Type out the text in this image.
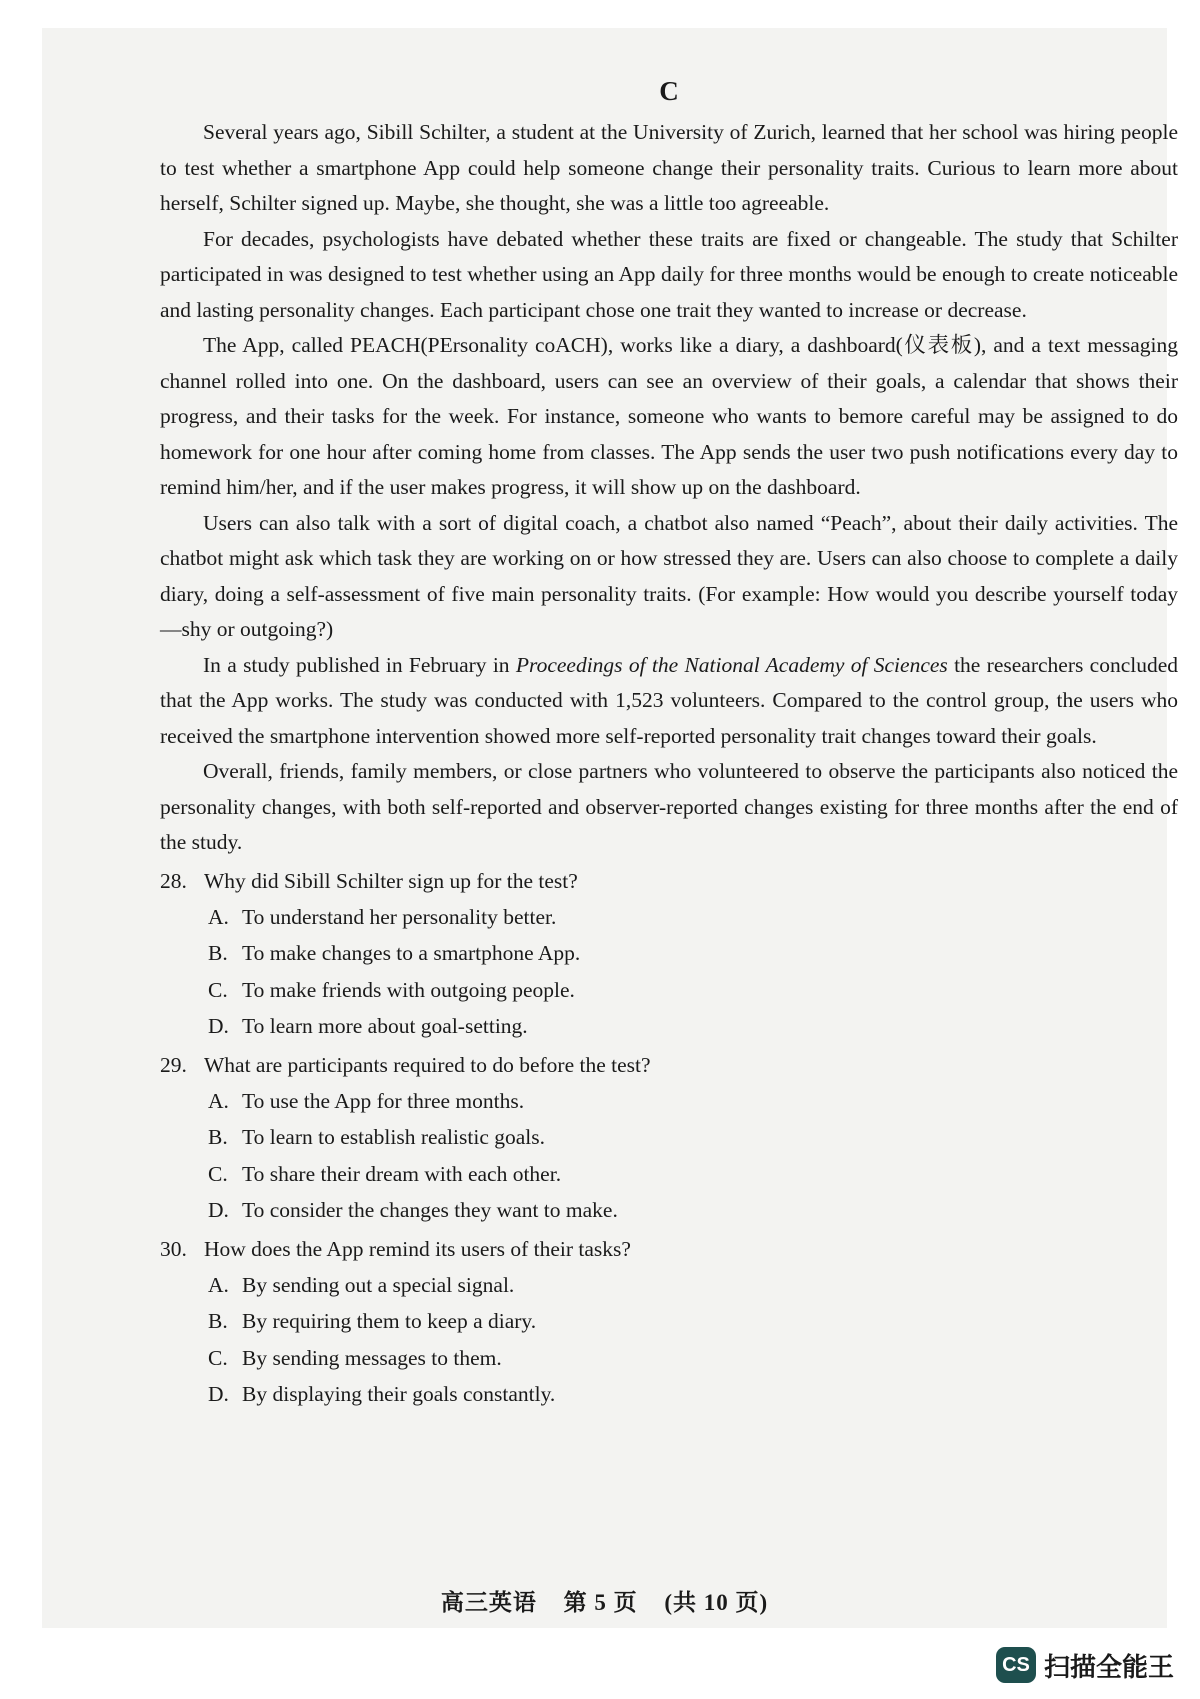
C

Several years ago, Sibill Schilter, a student at the University of Zurich, learned that her school was hiring people to test whether a smartphone App could help someone change their personality traits. Curious to learn more about herself, Schilter signed up. Maybe, she thought, she was a little too agreeable.

For decades, psychologists have debated whether these traits are fixed or changeable. The study that Schilter participated in was designed to test whether using an App daily for three months would be enough to create noticeable and lasting personality changes. Each participant chose one trait they wanted to increase or decrease.

The App, called PEACH(PErsonality coACH), works like a diary, a dashboard(仪表板), and a text messaging channel rolled into one. On the dashboard, users can see an overview of their goals, a calendar that shows their progress, and their tasks for the week. For instance, someone who wants to bemore careful may be assigned to do homework for one hour after coming home from classes. The App sends the user two push notifications every day to remind him/her, and if the user makes progress, it will show up on the dashboard.

Users can also talk with a sort of digital coach, a chatbot also named “Peach”, about their daily activities. The chatbot might ask which task they are working on or how stressed they are. Users can also choose to complete a daily diary, doing a self-assessment of five main personality traits. (For example: How would you describe yourself today—shy or outgoing?)

In a study published in February in Proceedings of the National Academy of Sciences the researchers concluded that the App works. The study was conducted with 1,523 volunteers. Compared to the control group, the users who received the smartphone intervention showed more self-reported personality trait changes toward their goals.

Overall, friends, family members, or close partners who volunteered to observe the participants also noticed the personality changes, with both self-reported and observer-reported changes existing for three months after the end of the study.

28. Why did Sibill Schilter sign up for the test?

A. To understand her personality better.

B. To make changes to a smartphone App.

C. To make friends with outgoing people.

D. To learn more about goal-setting.

29. What are participants required to do before the test?

A. To use the App for three months.

B. To learn to establish realistic goals.

C. To share their dream with each other.

D. To consider the changes they want to make.

30. How does the App remind its users of their tasks?

A. By sending out a special signal.

B. By requiring them to keep a diary.

C. By sending messages to them.

D. By displaying their goals constantly.

高三英语 第 5 页 (共 10 页)
CS 扫描全能王
